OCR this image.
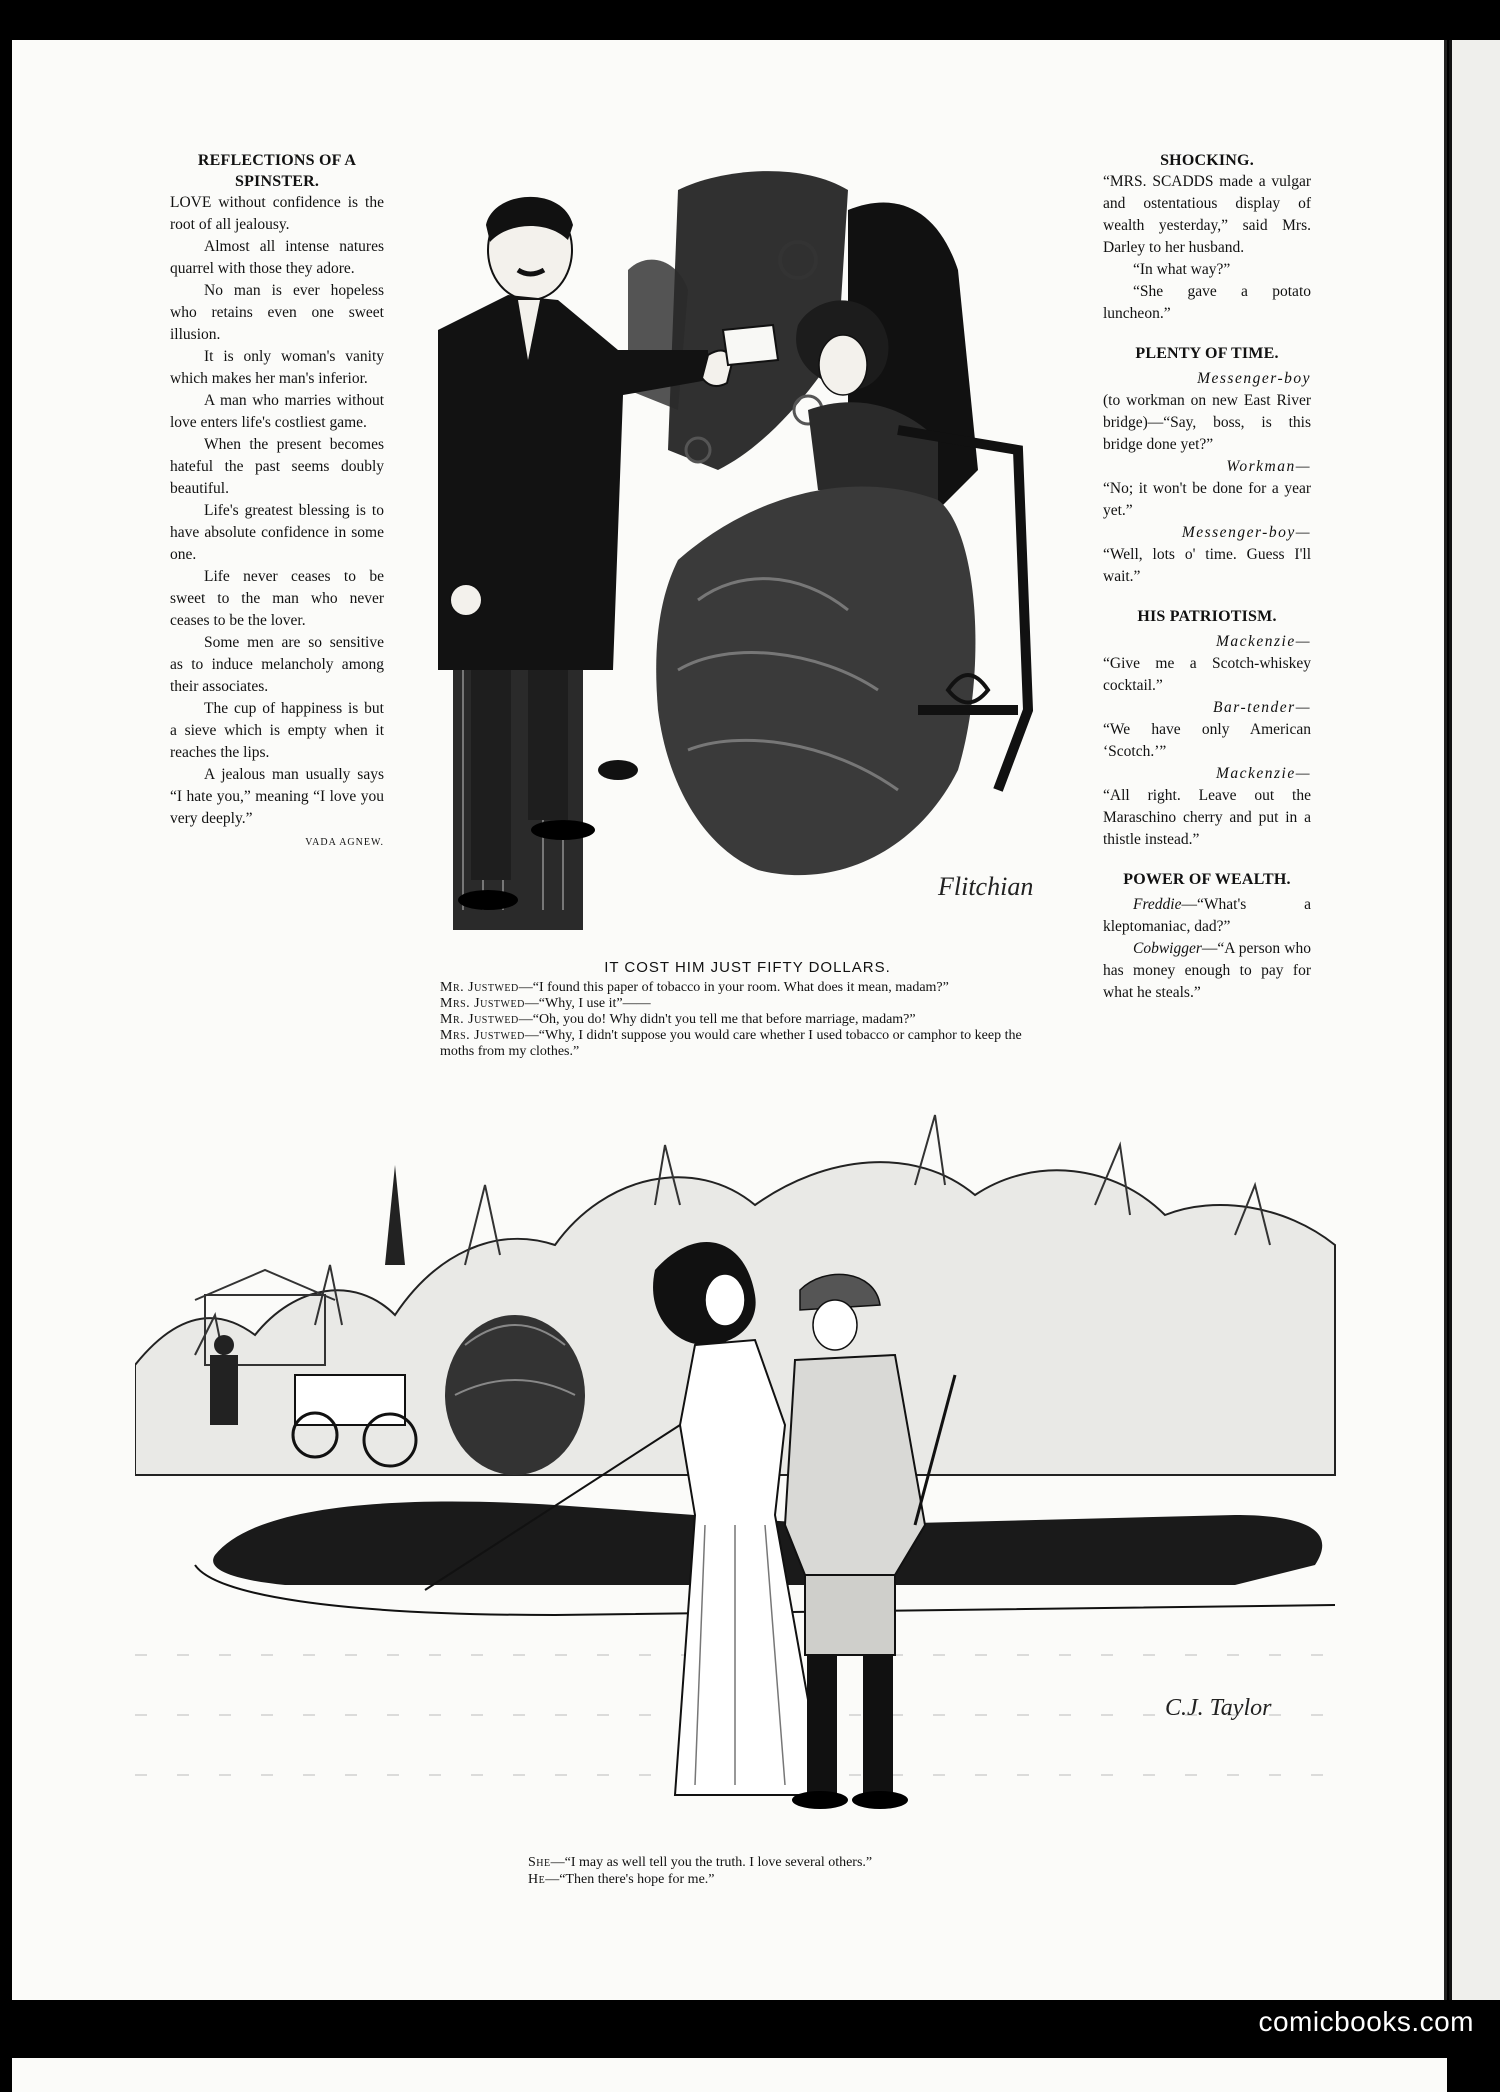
comicbooks.com
REFLECTIONS OF A SPINSTER.

LOVE without confidence is the root of all jealousy.

Almost all intense natures quarrel with those they adore.

No man is ever hopeless who retains even one sweet illusion.

It is only woman's vanity which makes her man's inferior.

A man who marries without love enters life's costliest game.

When the present becomes hateful the past seems doubly beautiful.

Life's greatest blessing is to have absolute confidence in some one.

Life never ceases to be sweet to the man who never ceases to be the lover.

Some men are so sensitive as to induce melancholy among their associates.

The cup of happiness is but a sieve which is empty when it reaches the lips.

A jealous man usually says “I hate you,” meaning “I love you very deeply.”

VADA AGNEW.
SHOCKING.

“MRS. SCADDS made a vulgar and ostentatious display of wealth yesterday,” said Mrs. Darley to her husband.

“In what way?”

“She gave a potato luncheon.”

PLENTY OF TIME.
Messenger-boy

(to workman on new East River bridge)—“Say, boss, is this bridge done yet?”

Workman—

“No; it won't be done for a year yet.”

Messenger-boy—

“Well, lots o' time. Guess I'll wait.”

HIS PATRIOTISM.
Mackenzie—

“Give me a Scotch-whiskey cocktail.”

Bar-tender—

“We have only American ‘Scotch.’”

Mackenzie—

“All right. Leave out the Maraschino cherry and put in a thistle instead.”

POWER OF WEALTH.

Freddie—“What's a kleptomaniac, dad?”

Cobwigger—“A person who has money enough to pay for what he steals.”

Flitchian
IT COST HIM JUST FIFTY DOLLARS.
Mr. Justwed—“I found this paper of tobacco in your room. What does it mean, madam?”
Mrs. Justwed—“Why, I use it”——
Mr. Justwed—“Oh, you do! Why didn't you tell me that before marriage, madam?”
Mrs. Justwed—“Why, I didn't suppose you would care whether I used tobacco or camphor to keep the moths from my clothes.”
C.J. Taylor
She—“I may as well tell you the truth. I love several others.”
He—“Then there's hope for me.”
